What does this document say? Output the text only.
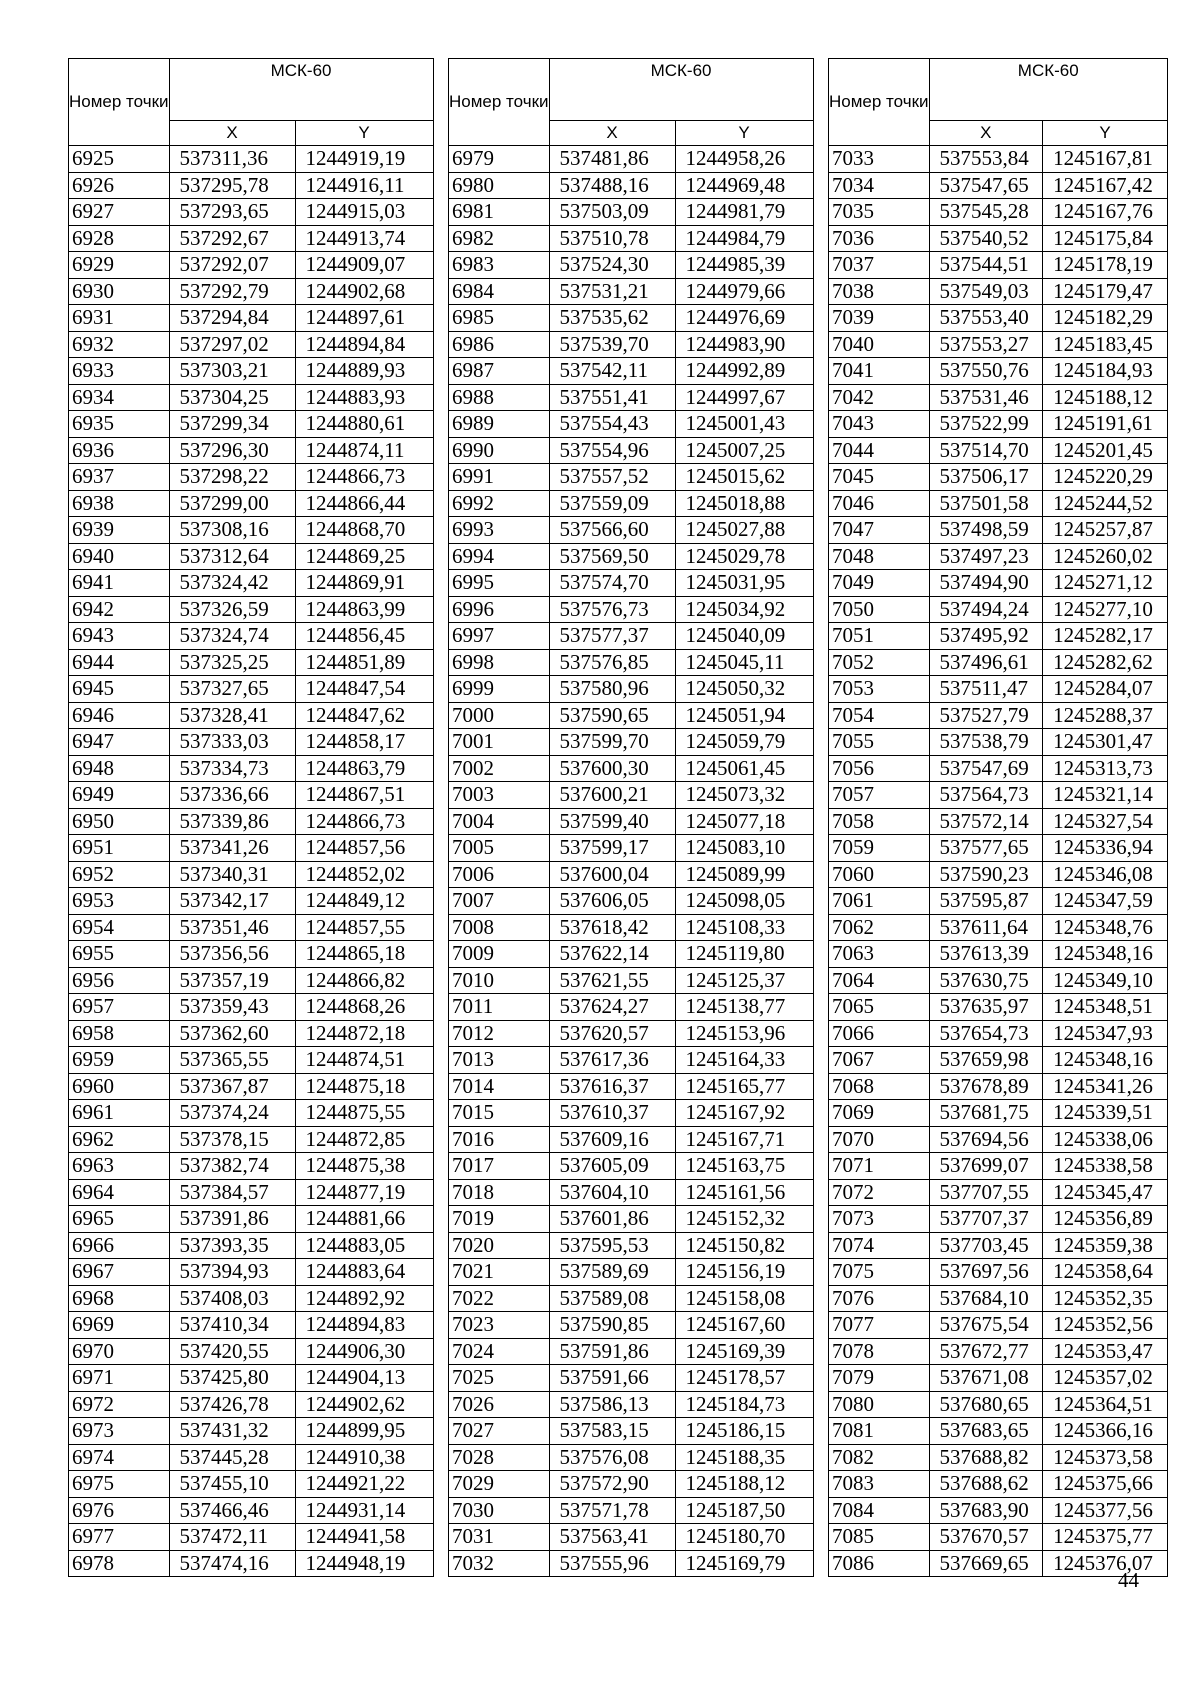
Номер точки	МСК-60	
	X	Y
6925	537311,36	1244919,19
6926	537295,78	1244916,11
6927	537293,65	1244915,03
6928	537292,67	1244913,74
6929	537292,07	1244909,07
6930	537292,79	1244902,68
6931	537294,84	1244897,61
6932	537297,02	1244894,84
6933	537303,21	1244889,93
6934	537304,25	1244883,93
6935	537299,34	1244880,61
6936	537296,30	1244874,11
6937	537298,22	1244866,73
6938	537299,00	1244866,44
6939	537308,16	1244868,70
6940	537312,64	1244869,25
6941	537324,42	1244869,91
6942	537326,59	1244863,99
6943	537324,74	1244856,45
6944	537325,25	1244851,89
6945	537327,65	1244847,54
6946	537328,41	1244847,62
6947	537333,03	1244858,17
6948	537334,73	1244863,79
6949	537336,66	1244867,51
6950	537339,86	1244866,73
6951	537341,26	1244857,56
6952	537340,31	1244852,02
6953	537342,17	1244849,12
6954	537351,46	1244857,55
6955	537356,56	1244865,18
6956	537357,19	1244866,82
6957	537359,43	1244868,26
6958	537362,60	1244872,18
6959	537365,55	1244874,51
6960	537367,87	1244875,18
6961	537374,24	1244875,55
6962	537378,15	1244872,85
6963	537382,74	1244875,38
6964	537384,57	1244877,19
6965	537391,86	1244881,66
6966	537393,35	1244883,05
6967	537394,93	1244883,64
6968	537408,03	1244892,92
6969	537410,34	1244894,83
6970	537420,55	1244906,30
6971	537425,80	1244904,13
6972	537426,78	1244902,62
6973	537431,32	1244899,95
6974	537445,28	1244910,38
6975	537455,10	1244921,22
6976	537466,46	1244931,14
6977	537472,11	1244941,58
6978	537474,16	1244948,19
Номер точки	МСК-60	
	X	Y
6979	537481,86	1244958,26
6980	537488,16	1244969,48
6981	537503,09	1244981,79
6982	537510,78	1244984,79
6983	537524,30	1244985,39
6984	537531,21	1244979,66
6985	537535,62	1244976,69
6986	537539,70	1244983,90
6987	537542,11	1244992,89
6988	537551,41	1244997,67
6989	537554,43	1245001,43
6990	537554,96	1245007,25
6991	537557,52	1245015,62
6992	537559,09	1245018,88
6993	537566,60	1245027,88
6994	537569,50	1245029,78
6995	537574,70	1245031,95
6996	537576,73	1245034,92
6997	537577,37	1245040,09
6998	537576,85	1245045,11
6999	537580,96	1245050,32
7000	537590,65	1245051,94
7001	537599,70	1245059,79
7002	537600,30	1245061,45
7003	537600,21	1245073,32
7004	537599,40	1245077,18
7005	537599,17	1245083,10
7006	537600,04	1245089,99
7007	537606,05	1245098,05
7008	537618,42	1245108,33
7009	537622,14	1245119,80
7010	537621,55	1245125,37
7011	537624,27	1245138,77
7012	537620,57	1245153,96
7013	537617,36	1245164,33
7014	537616,37	1245165,77
7015	537610,37	1245167,92
7016	537609,16	1245167,71
7017	537605,09	1245163,75
7018	537604,10	1245161,56
7019	537601,86	1245152,32
7020	537595,53	1245150,82
7021	537589,69	1245156,19
7022	537589,08	1245158,08
7023	537590,85	1245167,60
7024	537591,86	1245169,39
7025	537591,66	1245178,57
7026	537586,13	1245184,73
7027	537583,15	1245186,15
7028	537576,08	1245188,35
7029	537572,90	1245188,12
7030	537571,78	1245187,50
7031	537563,41	1245180,70
7032	537555,96	1245169,79
Номер точки	МСК-60	
	X	Y
7033	537553,84	1245167,81
7034	537547,65	1245167,42
7035	537545,28	1245167,76
7036	537540,52	1245175,84
7037	537544,51	1245178,19
7038	537549,03	1245179,47
7039	537553,40	1245182,29
7040	537553,27	1245183,45
7041	537550,76	1245184,93
7042	537531,46	1245188,12
7043	537522,99	1245191,61
7044	537514,70	1245201,45
7045	537506,17	1245220,29
7046	537501,58	1245244,52
7047	537498,59	1245257,87
7048	537497,23	1245260,02
7049	537494,90	1245271,12
7050	537494,24	1245277,10
7051	537495,92	1245282,17
7052	537496,61	1245282,62
7053	537511,47	1245284,07
7054	537527,79	1245288,37
7055	537538,79	1245301,47
7056	537547,69	1245313,73
7057	537564,73	1245321,14
7058	537572,14	1245327,54
7059	537577,65	1245336,94
7060	537590,23	1245346,08
7061	537595,87	1245347,59
7062	537611,64	1245348,76
7063	537613,39	1245348,16
7064	537630,75	1245349,10
7065	537635,97	1245348,51
7066	537654,73	1245347,93
7067	537659,98	1245348,16
7068	537678,89	1245341,26
7069	537681,75	1245339,51
7070	537694,56	1245338,06
7071	537699,07	1245338,58
7072	537707,55	1245345,47
7073	537707,37	1245356,89
7074	537703,45	1245359,38
7075	537697,56	1245358,64
7076	537684,10	1245352,35
7077	537675,54	1245352,56
7078	537672,77	1245353,47
7079	537671,08	1245357,02
7080	537680,65	1245364,51
7081	537683,65	1245366,16
7082	537688,82	1245373,58
7083	537688,62	1245375,66
7084	537683,90	1245377,56
7085	537670,57	1245375,77
7086	537669,65	1245376,07
44
